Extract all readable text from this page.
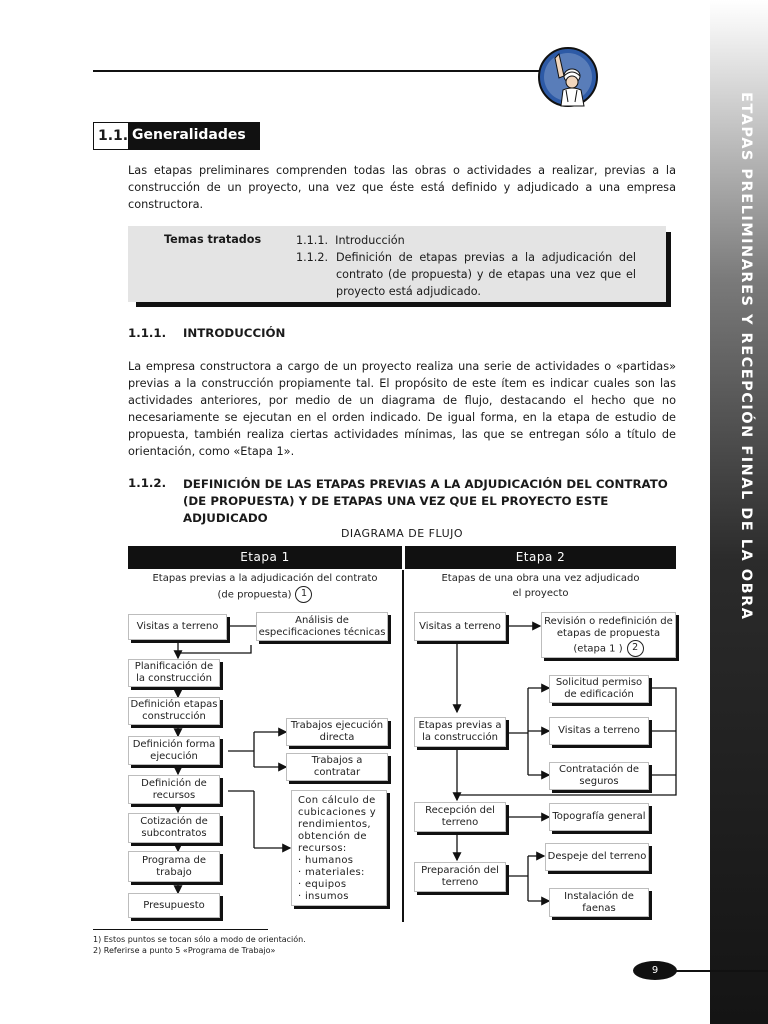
ETAPAS PRELIMINARES Y RECEPCIÓN FINAL DE LA OBRA
1.1. Generalidades
Las etapas preliminares comprenden todas las obras o actividades a realizar, previas a la construcción de un proyecto, una vez que éste está definido y adjudicado a una empresa constructora.
Temas tratados	1.1.1. Introducción
1.1.2. Definición de etapas previas a la adjudicación del contrato (de propuesta) y de etapas una vez que el proyecto está adjudicado.
1.1.1. INTRODUCCIÓN
La empresa constructora a cargo de un proyecto realiza una serie de actividades o «partidas» previas a la construcción propiamente tal. El propósito de este ítem es indicar cuales son las actividades anteriores, por medio de un diagrama de flujo, destacando el hecho que no necesariamente se ejecutan en el orden indicado. De igual forma, en la etapa de estudio de propuesta, también realiza ciertas actividades mínimas, las que se entregan sólo a título de orientación, como «Etapa 1».
1.1.2. DEFINICIÓN DE LAS ETAPAS PREVIAS A LA ADJUDICACIÓN DEL CONTRATO (DE PROPUESTA) Y DE ETAPAS UNA VEZ QUE EL PROYECTO ESTE ADJUDICADO
DIAGRAMA DE FLUJO
Etapa 1	Etapa 2
Etapas previas a la adjudicación del contrato
(de propuesta) 1
Etapas de una obra una vez adjudicado
el proyecto
Visitas a terreno
Análisis de especificaciones técnicas
Planificación de la construcción
Definición etapas construcción
Definición forma ejecución
Trabajos ejecución directa
Trabajos a contratar
Definición de recursos
Cotización de subcontratos
Programa de trabajo
Presupuesto
Con cálculo de
cubicaciones y
rendimientos,
obtención de
recursos:
· humanos
· materiales:
· equipos
· insumos
Visitas a terreno	Revisión o redefinición de etapas de propuesta (etapa 1 ) 2
Solicitud permiso de edificación
Etapas previas a la construcción
Visitas a terreno
Contratación de seguros
Recepción del terreno
Topografía general
Preparación del terreno
Despeje del terreno
Instalación de faenas
1) Estos puntos se tocan sólo a modo de orientación.
2) Referirse a punto 5 «Programa de Trabajo»
9
